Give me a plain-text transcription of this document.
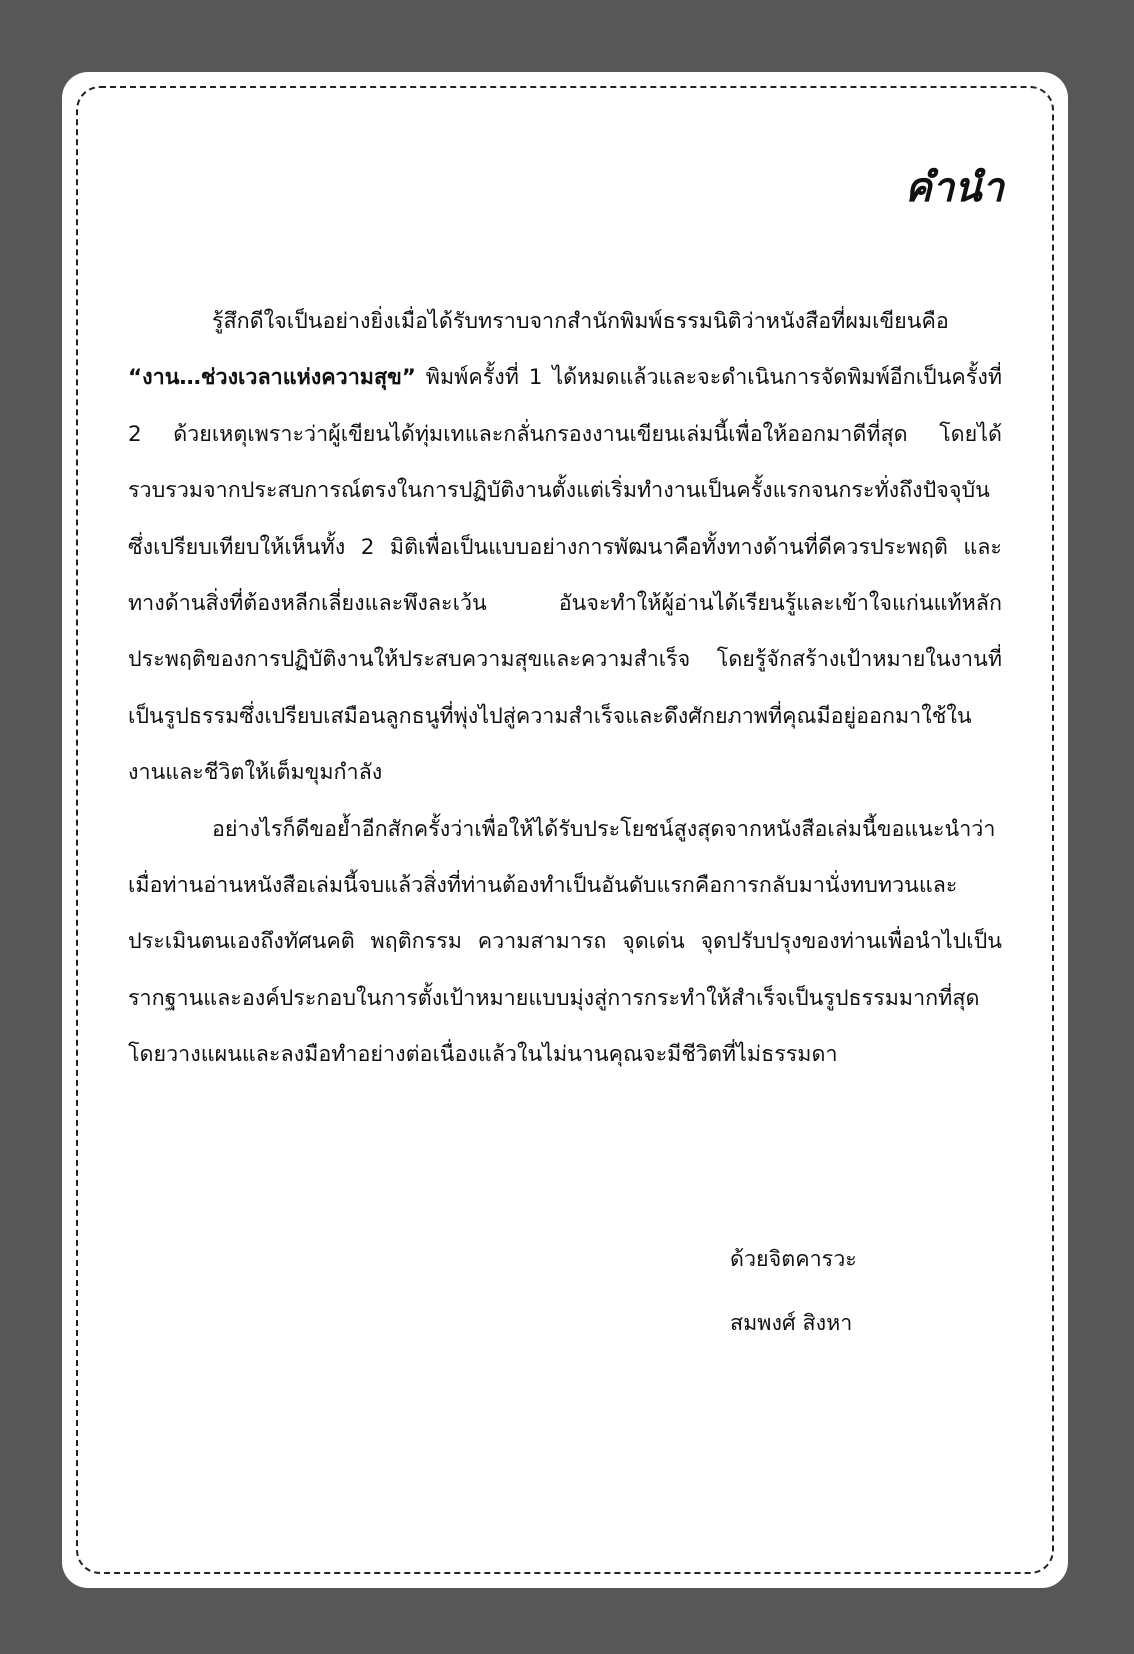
คำนำ

รู้สึกดีใจเป็นอย่างยิ่งเมื่อได้รับทราบจากสำนักพิมพ์ธรรมนิติว่าหนังสือที่ผมเขียนคือ “งาน…ช่วงเวลาแห่งความสุข” พิมพ์ครั้งที่ 1 ได้หมดแล้วและจะดำเนินการจัดพิมพ์อีกเป็นครั้งที่ 2 ด้วยเหตุเพราะว่าผู้เขียนได้ทุ่มเทและกลั่นกรองงานเขียนเล่มนี้เพื่อให้ออกมาดีที่สุด โดยได้รวบรวมจากประสบการณ์ตรงในการปฏิบัติงานตั้งแต่เริ่มทำงานเป็นครั้งแรกจนกระทั่งถึงปัจจุบัน ซึ่งเปรียบเทียบให้เห็นทั้ง 2 มิติเพื่อเป็นแบบอย่างการพัฒนาคือทั้งทางด้านที่ดีควรประพฤติ และทางด้านสิ่งที่ต้องหลีกเลี่ยงและพึงละเว้น อันจะทำให้ผู้อ่านได้เรียนรู้และเข้าใจแก่นแท้หลักประพฤติของการปฏิบัติงานให้ประสบความสุขและความสำเร็จ โดยรู้จักสร้างเป้าหมายในงานที่เป็นรูปธรรมซึ่งเปรียบเสมือนลูกธนูที่พุ่งไปสู่ความสำเร็จและดึงศักยภาพที่คุณมีอยู่ออกมาใช้ในงานและชีวิตให้เต็มขุมกำลัง

อย่างไรก็ดีขอย้ำอีกสักครั้งว่าเพื่อให้ได้รับประโยชน์สูงสุดจากหนังสือเล่มนี้ขอแนะนำว่าเมื่อท่านอ่านหนังสือเล่มนี้จบแล้วสิ่งที่ท่านต้องทำเป็นอันดับแรกคือการกลับมานั่งทบทวนและประเมินตนเองถึงทัศนคติ พฤติกรรม ความสามารถ จุดเด่น จุดปรับปรุงของท่านเพื่อนำไปเป็นรากฐานและองค์ประกอบในการตั้งเป้าหมายแบบมุ่งสู่การกระทำให้สำเร็จเป็นรูปธรรมมากที่สุด โดยวางแผนและลงมือทำอย่างต่อเนื่องแล้วในไม่นานคุณจะมีชีวิตที่ไม่ธรรมดา

ด้วยจิตคารวะ
สมพงศ์ สิงหา
